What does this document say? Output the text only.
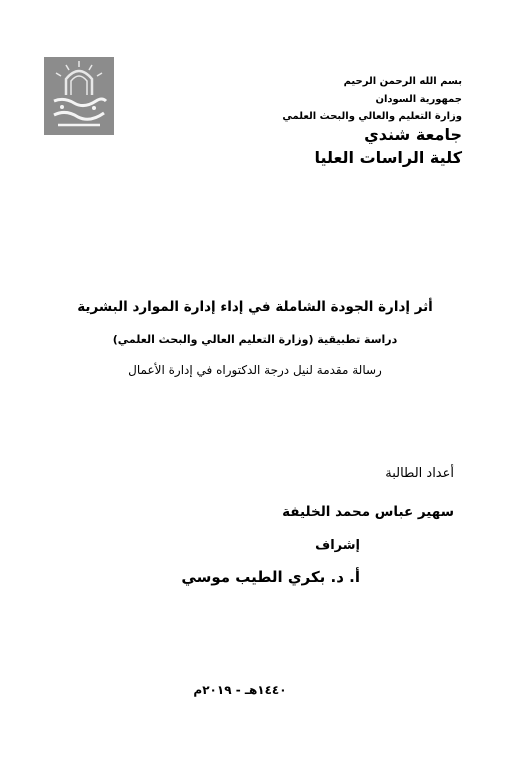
بسم الله الرحمن الرحيم
جمهورية السودان
وزارة التعليم والعالي والبحث العلمي
جامعة شندي
كلية الراسات العليا
أثر إدارة الجودة الشاملة في إداء إدارة الموارد البشرية
دراسة تطبيقية (وزارة التعليم العالي والبحث العلمي)
رسالة مقدمة لنيل درجة الدكتوراه في إدارة الأعمال
أعداد الطالبة
سهير عباس محمد الخليفة
إشراف
أ. د. بكري الطيب موسي
١٤٤٠هـ - ٢٠١٩م
